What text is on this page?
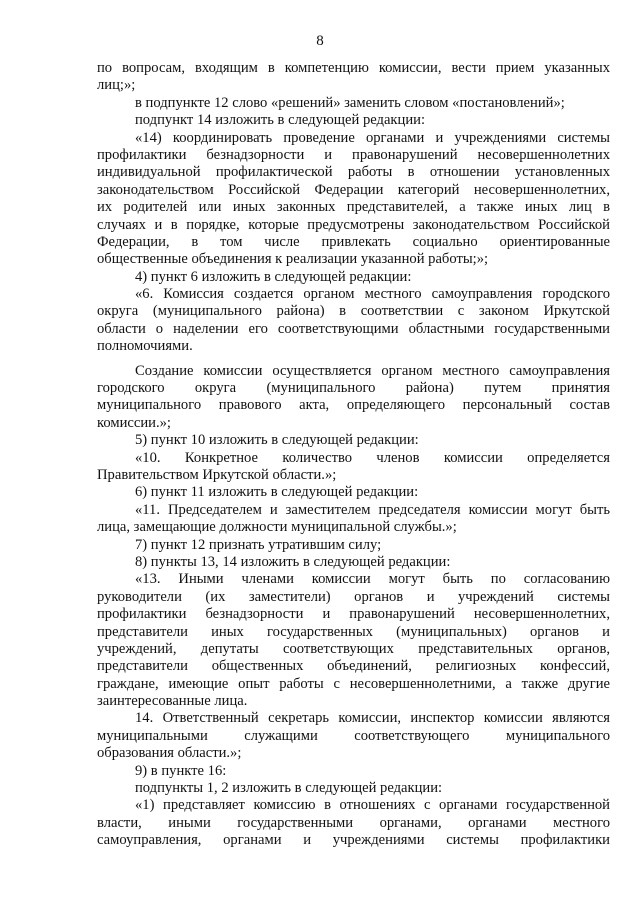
8
по вопросам, входящим в компетенцию комиссии, вести прием указанных
лиц;»;
в подпункте 12 слово «решений» заменить словом «постановлений»;
подпункт 14 изложить в следующей редакции:
«14) координировать проведение органами и учреждениями системы
профилактики безнадзорности и правонарушений несовершеннолетних
индивидуальной профилактической работы в отношении установленных
законодательством Российской Федерации категорий несовершеннолетних,
их родителей или иных законных представителей, а также иных лиц в
случаях и в порядке, которые предусмотрены законодательством Российской
Федерации, в том числе привлекать социально ориентированные
общественные объединения к реализации указанной работы;»;
4) пункт 6 изложить в следующей редакции:
«6. Комиссия создается органом местного самоуправления городского
округа (муниципального района) в соответствии с законом Иркутской
области о наделении его соответствующими областными государственными
полномочиями.
Создание комиссии осуществляется органом местного самоуправления
городского округа (муниципального района) путем принятия
муниципального правового акта, определяющего персональный состав
комиссии.»;
5) пункт 10 изложить в следующей редакции:
«10. Конкретное количество членов комиссии определяется
Правительством Иркутской области.»;
6) пункт 11 изложить в следующей редакции:
«11. Председателем и заместителем председателя комиссии могут быть
лица, замещающие должности муниципальной службы.»;
7) пункт 12 признать утратившим силу;
8) пункты 13, 14 изложить в следующей редакции:
«13. Иными членами комиссии могут быть по согласованию
руководители (их заместители) органов и учреждений системы
профилактики безнадзорности и правонарушений несовершеннолетних,
представители иных государственных (муниципальных) органов и
учреждений, депутаты соответствующих представительных органов,
представители общественных объединений, религиозных конфессий,
граждане, имеющие опыт работы с несовершеннолетними, а также другие
заинтересованные лица.
14. Ответственный секретарь комиссии, инспектор комиссии являются
муниципальными служащими соответствующего муниципального
образования области.»;
9) в пункте 16:
подпункты 1, 2 изложить в следующей редакции:
«1) представляет комиссию в отношениях с органами государственной
власти, иными государственными органами, органами местного
самоуправления, органами и учреждениями системы профилактики
